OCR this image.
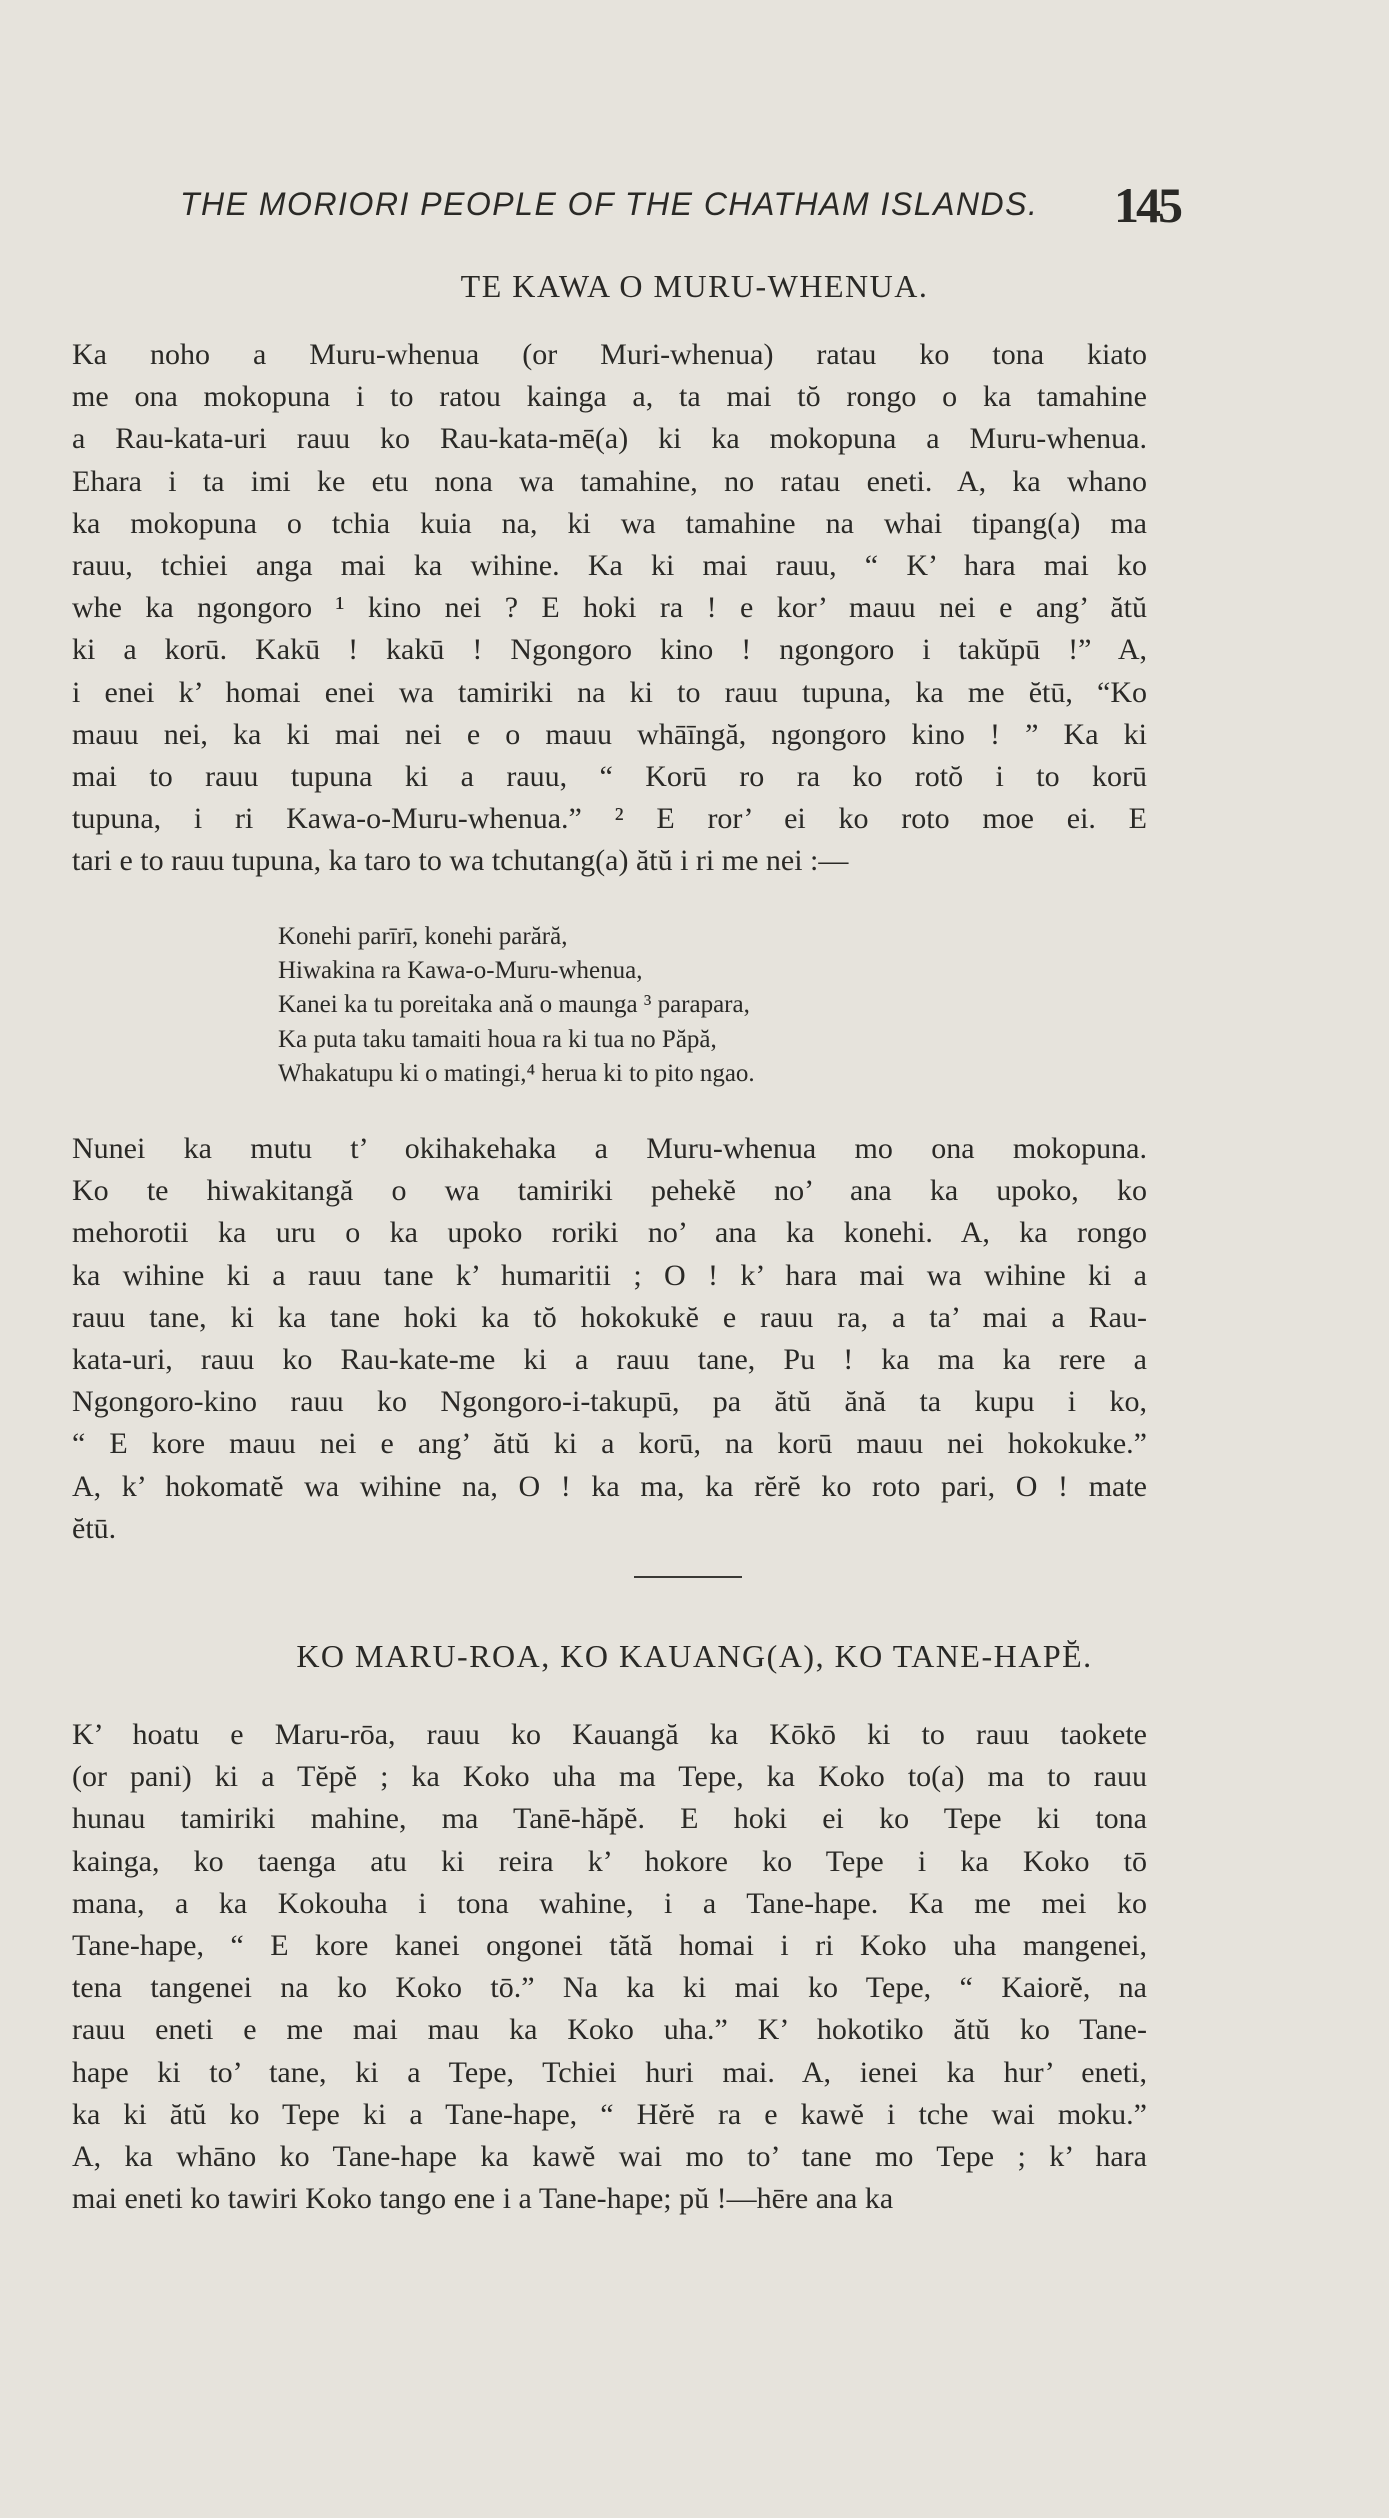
THE MORIORI PEOPLE OF THE CHATHAM ISLANDS. 145
TE KAWA O MURU-WHENUA.

Ka noho a Muru-whenua (or Muri-whenua) ratau ko tona kiato
me ona mokopuna i to ratou kainga a, ta mai tŏ rongo o ka tamahine
a Rau-kata-uri rauu ko Rau-kata-mē(a) ki ka mokopuna a Muru-whenua.
Ehara i ta imi ke etu nona wa tamahine, no ratau eneti. A, ka whano
ka mokopuna o tchia kuia na, ki wa tamahine na whai tipang(a) ma
rauu, tchiei anga mai ka wihine. Ka ki mai rauu, “ K’ hara mai ko
whe ka ngongoro ¹ kino nei ? E hoki ra ! e kor’ mauu nei e ang’ ătŭ
ki a korū. Kakū ! kakū ! Ngongoro kino ! ngongoro i takŭpū !” A,
i enei k’ homai enei wa tamiriki na ki to rauu tupuna, ka me ĕtū, “Ko
mauu nei, ka ki mai nei e o mauu whāīngă, ngongoro kino ! ” Ka ki
mai to rauu tupuna ki a rauu, “ Korū ro ra ko rotŏ i to korū
tupuna, i ri Kawa-o-Muru-whenua.” ² E ror’ ei ko roto moe ei. E
tari e to rauu tupuna, ka taro to wa tchutang(a) ătŭ i ri me nei :—

Konehi parīrī, konehi parără,
Hiwakina ra Kawa-o-Muru-whenua,
Kanei ka tu poreitaka ană o maunga ³ parapara,
Ka puta taku tamaiti houa ra ki tua no Păpă,
Whakatupu ki o matingi,⁴ herua ki to pito ngao.

Nunei ka mutu t’ okihakehaka a Muru-whenua mo ona mokopuna.
Ko te hiwakitangă o wa tamiriki pehekĕ no’ ana ka upoko, ko
mehorotii ka uru o ka upoko roriki no’ ana ka konehi. A, ka rongo
ka wihine ki a rauu tane k’ humaritii ; O ! k’ hara mai wa wihine ki a
rauu tane, ki ka tane hoki ka tŏ hokokukĕ e rauu ra, a ta’ mai a Rau-
kata-uri, rauu ko Rau-kate-me ki a rauu tane, Pu ! ka ma ka rere a
Ngongoro-kino rauu ko Ngongoro-i-takupū, pa ătŭ ănă ta kupu i ko,
“ E kore mauu nei e ang’ ătŭ ki a korū, na korū mauu nei hokokuke.”
A, k’ hokomatĕ wa wihine na, O ! ka ma, ka rĕrĕ ko roto pari, O ! mate
ĕtū.

KO MARU-ROA, KO KAUANG(A), KO TANE-HAPĔ.

K’ hoatu e Maru-rōa, rauu ko Kauangă ka Kōkō ki to rauu taokete
(or pani) ki a Tĕpĕ ; ka Koko uha ma Tepe, ka Koko to(a) ma to rauu
hunau tamiriki mahine, ma Tanē-hăpĕ. E hoki ei ko Tepe ki tona
kainga, ko taenga atu ki reira k’ hokore ko Tepe i ka Koko tō
mana, a ka Kokouha i tona wahine, i a Tane-hape. Ka me mei ko
Tane-hape, “ E kore kanei ongonei tătă homai i ri Koko uha mangenei,
tena tangenei na ko Koko tō.” Na ka ki mai ko Tepe, “ Kaiorĕ, na
rauu eneti e me mai mau ka Koko uha.” K’ hokotiko ătŭ ko Tane-
hape ki to’ tane, ki a Tepe, Tchiei huri mai. A, ienei ka hur’ eneti,
ka ki ătŭ ko Tepe ki a Tane-hape, “ Hĕrĕ ra e kawĕ i tche wai moku.”
A, ka whāno ko Tane-hape ka kawĕ wai mo to’ tane mo Tepe ; k’ hara
mai eneti ko tawiri Koko tango ene i a Tane-hape; pŭ !—hēre ana ka
